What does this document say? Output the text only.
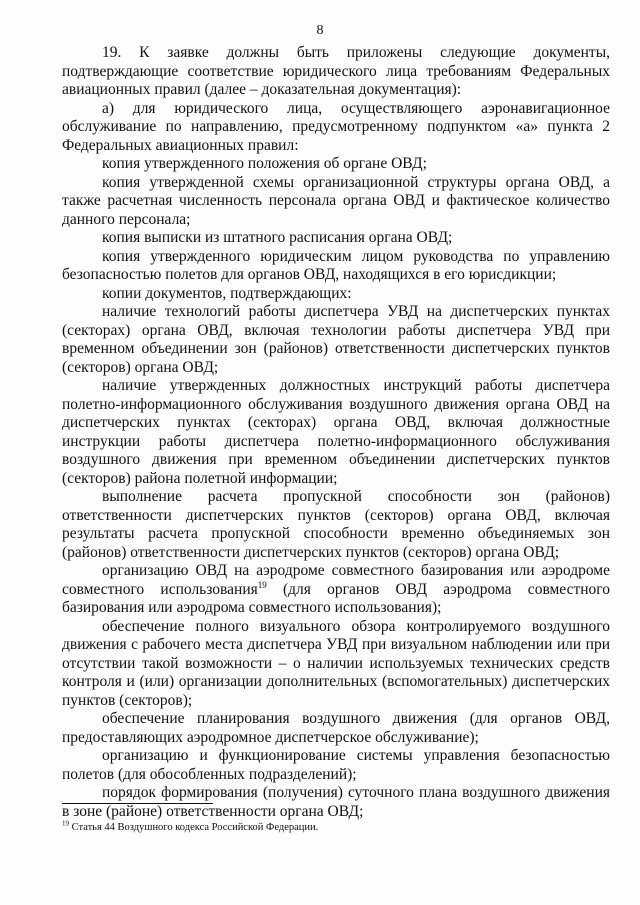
8

19. К заявке должны быть приложены следующие документы, подтверждающие соответствие юридического лица требованиям Федеральных авиационных правил (далее – доказательная документация):

а) для юридического лица, осуществляющего аэронавигационное обслуживание по направлению, предусмотренному подпунктом «а» пункта 2 Федеральных авиационных правил:

копия утвержденного положения об органе ОВД;

копия утвержденной схемы организационной структуры органа ОВД, а также расчетная численность персонала органа ОВД и фактическое количество данного персонала;

копия выписки из штатного расписания органа ОВД;

копия утвержденного юридическим лицом руководства по управлению безопасностью полетов для органов ОВД, находящихся в его юрисдикции;

копии документов, подтверждающих:

наличие технологий работы диспетчера УВД на диспетчерских пунктах (секторах) органа ОВД, включая технологии работы диспетчера УВД при временном объединении зон (районов) ответственности диспетчерских пунктов (секторов) органа ОВД;

наличие утвержденных должностных инструкций работы диспетчера полетно-информационного обслуживания воздушного движения органа ОВД на диспетчерских пунктах (секторах) органа ОВД, включая должностные инструкции работы диспетчера полетно-информационного обслуживания воздушного движения при временном объединении диспетчерских пунктов (секторов) района полетной информации;

выполнение расчета пропускной способности зон (районов) ответственности диспетчерских пунктов (секторов) органа ОВД, включая результаты расчета пропускной способности временно объединяемых зон (районов) ответственности диспетчерских пунктов (секторов) органа ОВД;

организацию ОВД на аэродроме совместного базирования или аэродроме совместного использования$^{19}$ (для органов ОВД аэродрома совместного базирования или аэродрома совместного использования);

обеспечение полного визуального обзора контролируемого воздушного движения с рабочего места диспетчера УВД при визуальном наблюдении или при отсутствии такой возможности – о наличии используемых технических средств контроля и (или) организации дополнительных (вспомогательных) диспетчерских пунктов (секторов);

обеспечение планирования воздушного движения (для органов ОВД, предоставляющих аэродромное диспетчерское обслуживание);

организацию и функционирование системы управления безопасностью полетов (для обособленных подразделений);

порядок формирования (получения) суточного плана воздушного движения в зоне (районе) ответственности органа ОВД;

$^{19}$ Статья 44 Воздушного кодекса Российской Федерации.
